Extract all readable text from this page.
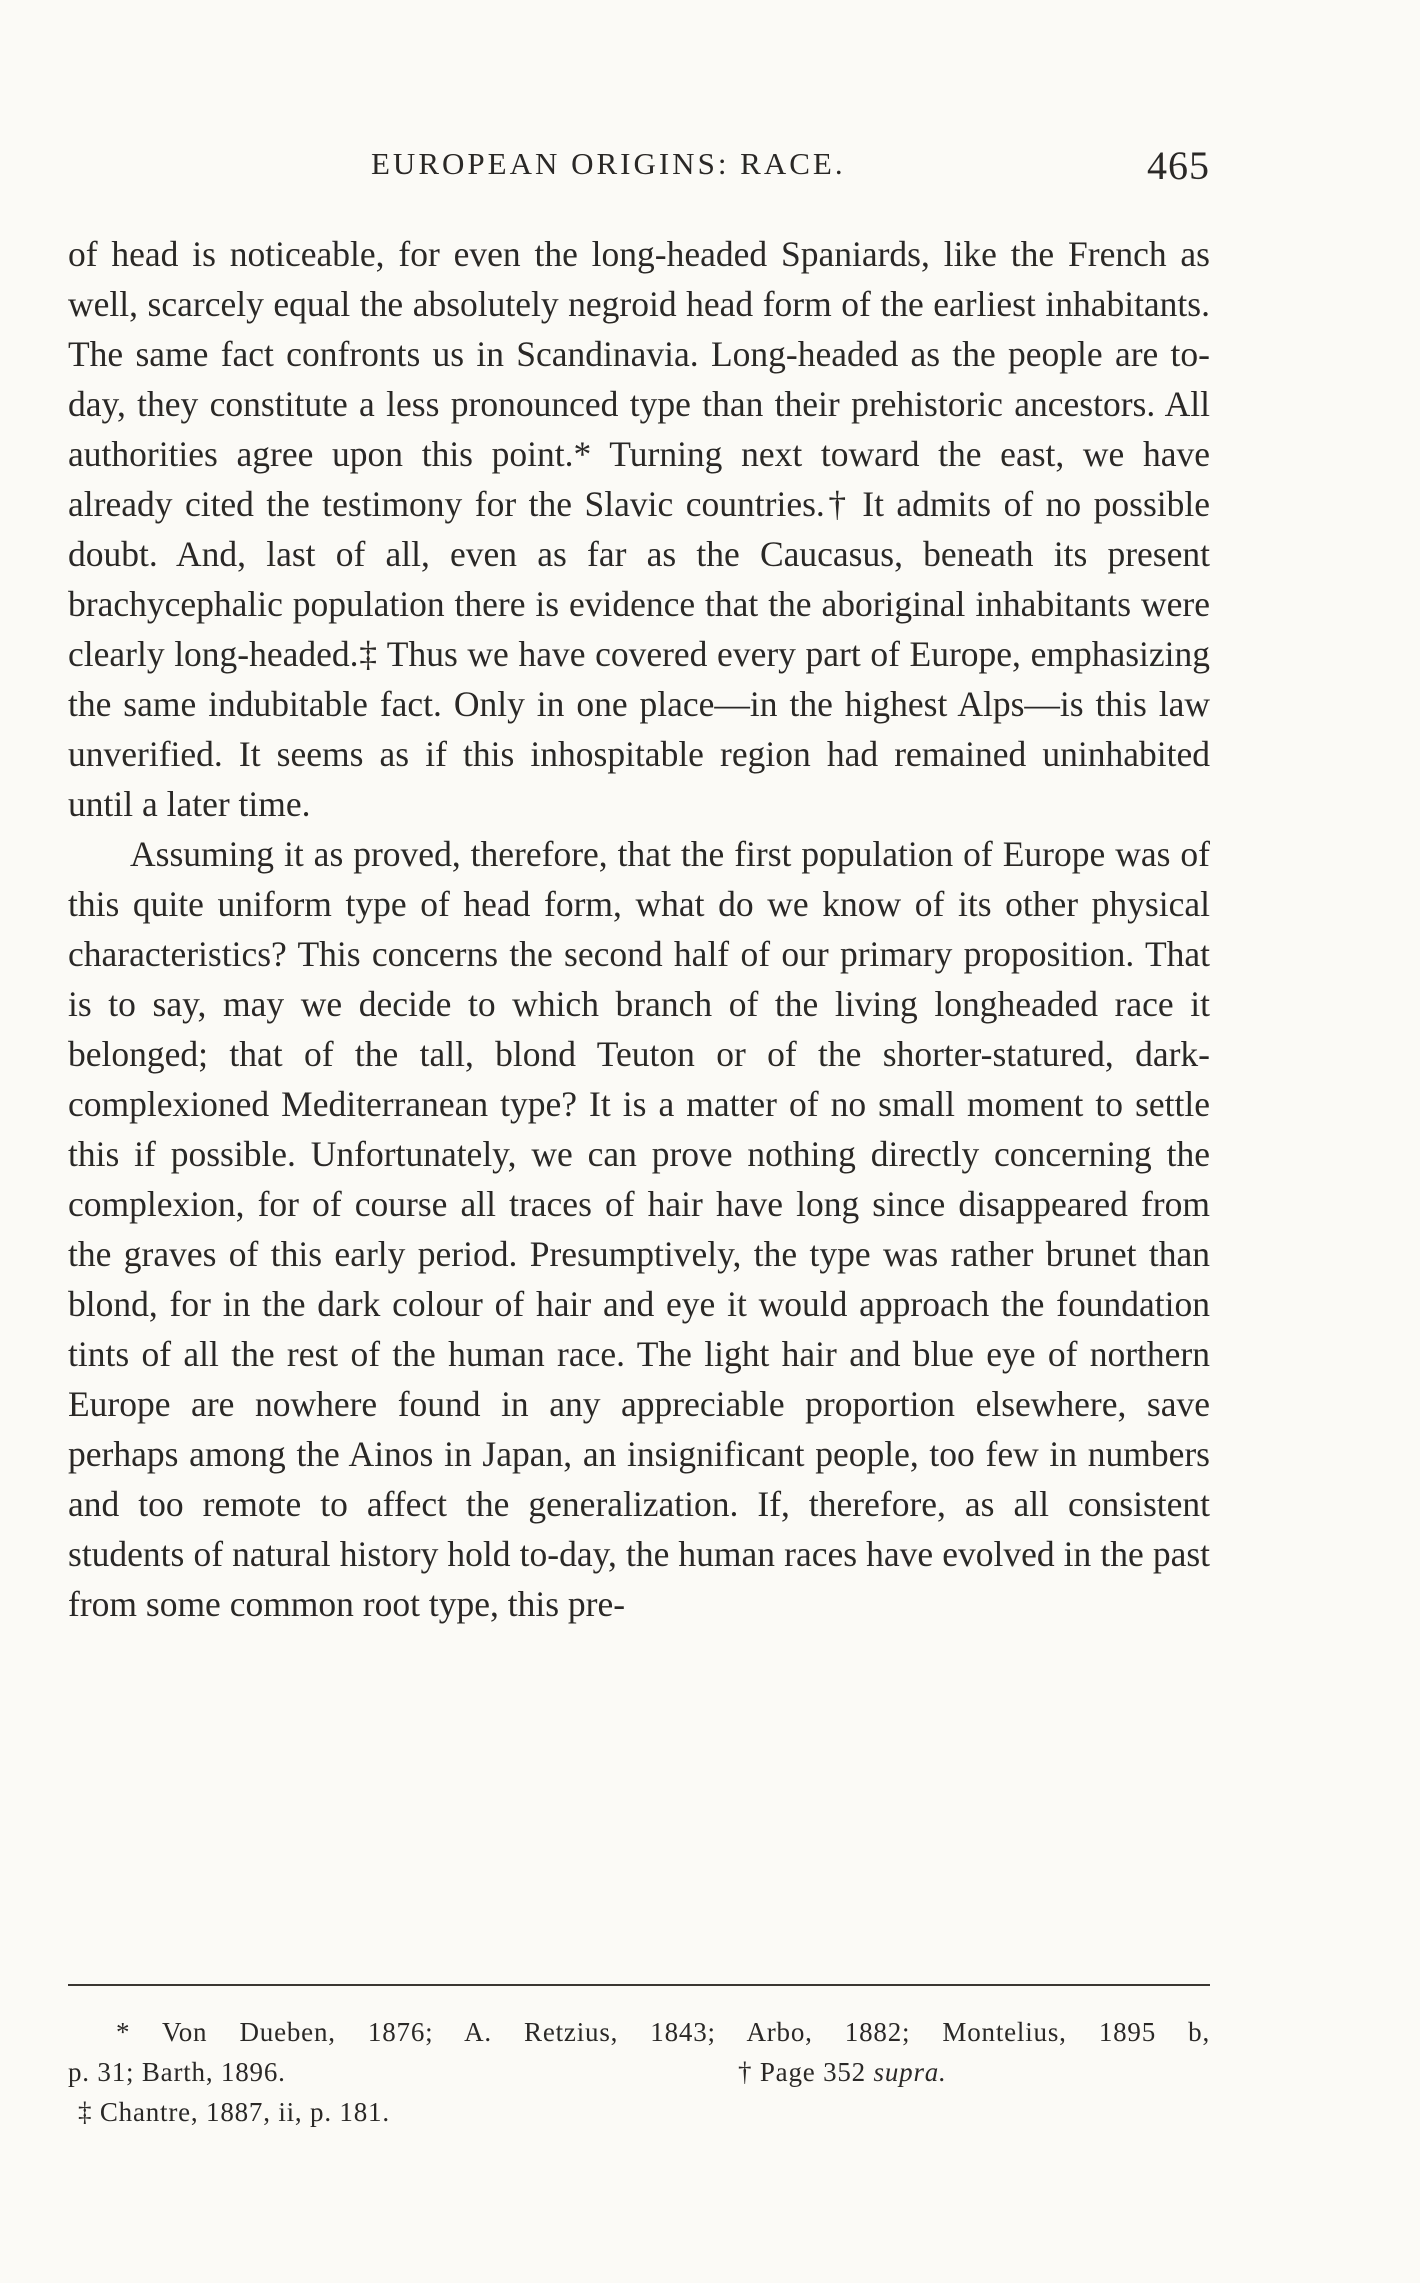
EUROPEAN ORIGINS: RACE.	465

of head is noticeable, for even the long-headed Spaniards, like the French as well, scarcely equal the absolutely negroid head form of the earliest inhabitants. The same fact confronts us in Scandinavia. Long-headed as the people are to-day, they constitute a less pronounced type than their prehistoric ancestors. All authorities agree upon this point.* Turning next toward the east, we have already cited the testimony for the Slavic countries.† It admits of no possible doubt. And, last of all, even as far as the Caucasus, beneath its present brachycephalic population there is evidence that the aboriginal inhabitants were clearly long-headed.‡ Thus we have covered every part of Europe, emphasizing the same indubitable fact. Only in one place—in the highest Alps—is this law unverified. It seems as if this inhospitable region had remained uninhabited until a later time.

Assuming it as proved, therefore, that the first population of Europe was of this quite uniform type of head form, what do we know of its other physical characteristics? This concerns the second half of our primary proposition. That is to say, may we decide to which branch of the living longheaded race it belonged; that of the tall, blond Teuton or of the shorter-statured, dark-complexioned Mediterranean type? It is a matter of no small moment to settle this if possible. Unfortunately, we can prove nothing directly concerning the complexion, for of course all traces of hair have long since disappeared from the graves of this early period. Presumptively, the type was rather brunet than blond, for in the dark colour of hair and eye it would approach the foundation tints of all the rest of the human race. The light hair and blue eye of northern Europe are nowhere found in any appreciable proportion elsewhere, save perhaps among the Ainos in Japan, an insignificant people, too few in numbers and too remote to affect the generalization. If, therefore, as all consistent students of natural history hold to-day, the human races have evolved in the past from some common root type, this pre-

* Von Dueben, 1876; A. Retzius, 1843; Arbo, 1882; Montelius, 1895 b,
p. 31; Barth, 1896.	† Page 352 supra.
‡ Chantre, 1887, ii, p. 181.
